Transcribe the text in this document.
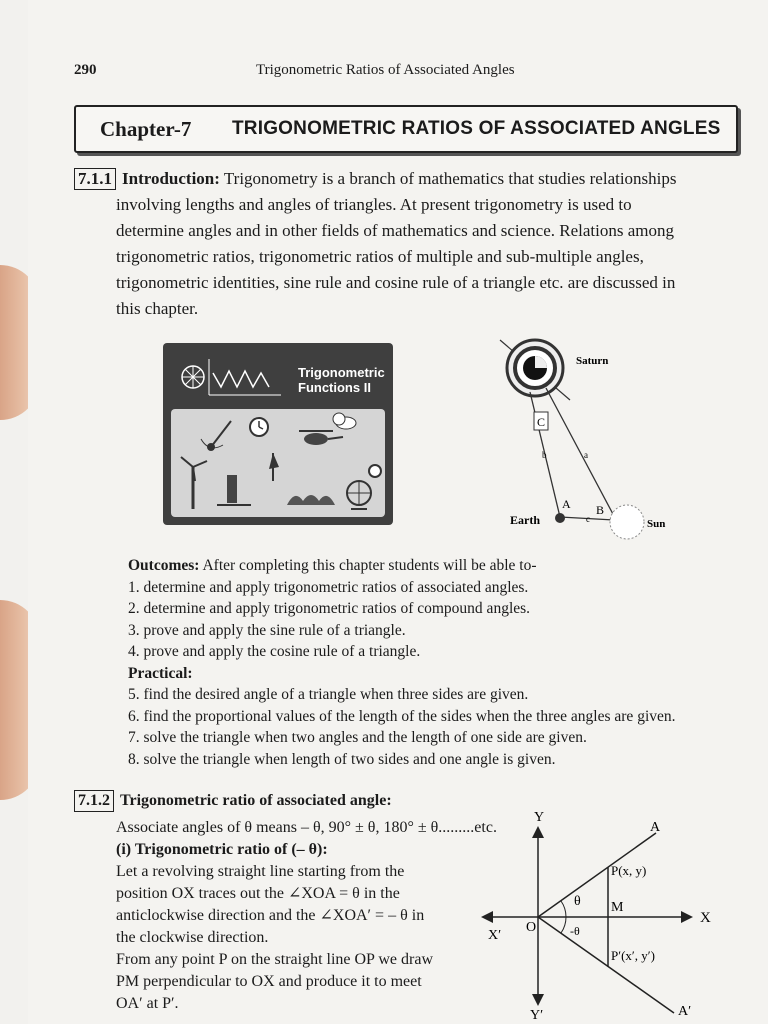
290	Trigonometric Ratios of Associated Angles
Chapter-7 TRIGONOMETRIC RATIOS OF ASSOCIATED ANGLES
7.1.1 Introduction: Trigonometry is a branch of mathematics that studies relationships
involving lengths and angles of triangles. At present trigonometry is used to
determine angles and in other fields of mathematics and science. Relations among
trigonometric ratios, trigonometric ratios of multiple and sub-multiple angles,
trigonometric identities, sine rule and cosine rule of a triangle etc. are discussed in
this chapter.
Trigonometric
Functions II
C
Saturn
Earth	Sun
A B
b	a
c
Outcomes: After completing this chapter students will be able to-
1. determine and apply trigonometric ratios of associated angles.
2. determine and apply trigonometric ratios of compound angles.
3. prove and apply the sine rule of a triangle.
4. prove and apply the cosine rule of a triangle.
Practical:
5. find the desired angle of a triangle when three sides are given.
6. find the proportional values of the length of the sides when the three angles are given.
7. solve the triangle when two angles and the length of one side are given.
8. solve the triangle when length of two sides and one angle is given.
7.1.2 Trigonometric ratio of associated angle:
Associate angles of θ means – θ, 90° ± θ, 180° ± θ.........etc.
(i) Trigonometric ratio of (– θ):
Let a revolving straight line starting from the
position OX traces out the ∠XOA = θ in the
anticlockwise direction and the ∠XOA′ = – θ in
the clockwise direction.
From any point P on the straight line OP we draw
PM perpendicular to OX and produce it to meet
OA′ at P′.
Y
Y′
X
X′
O
A
A′
M
P(x, y)
P′(x′, y′)
θ
-θ
